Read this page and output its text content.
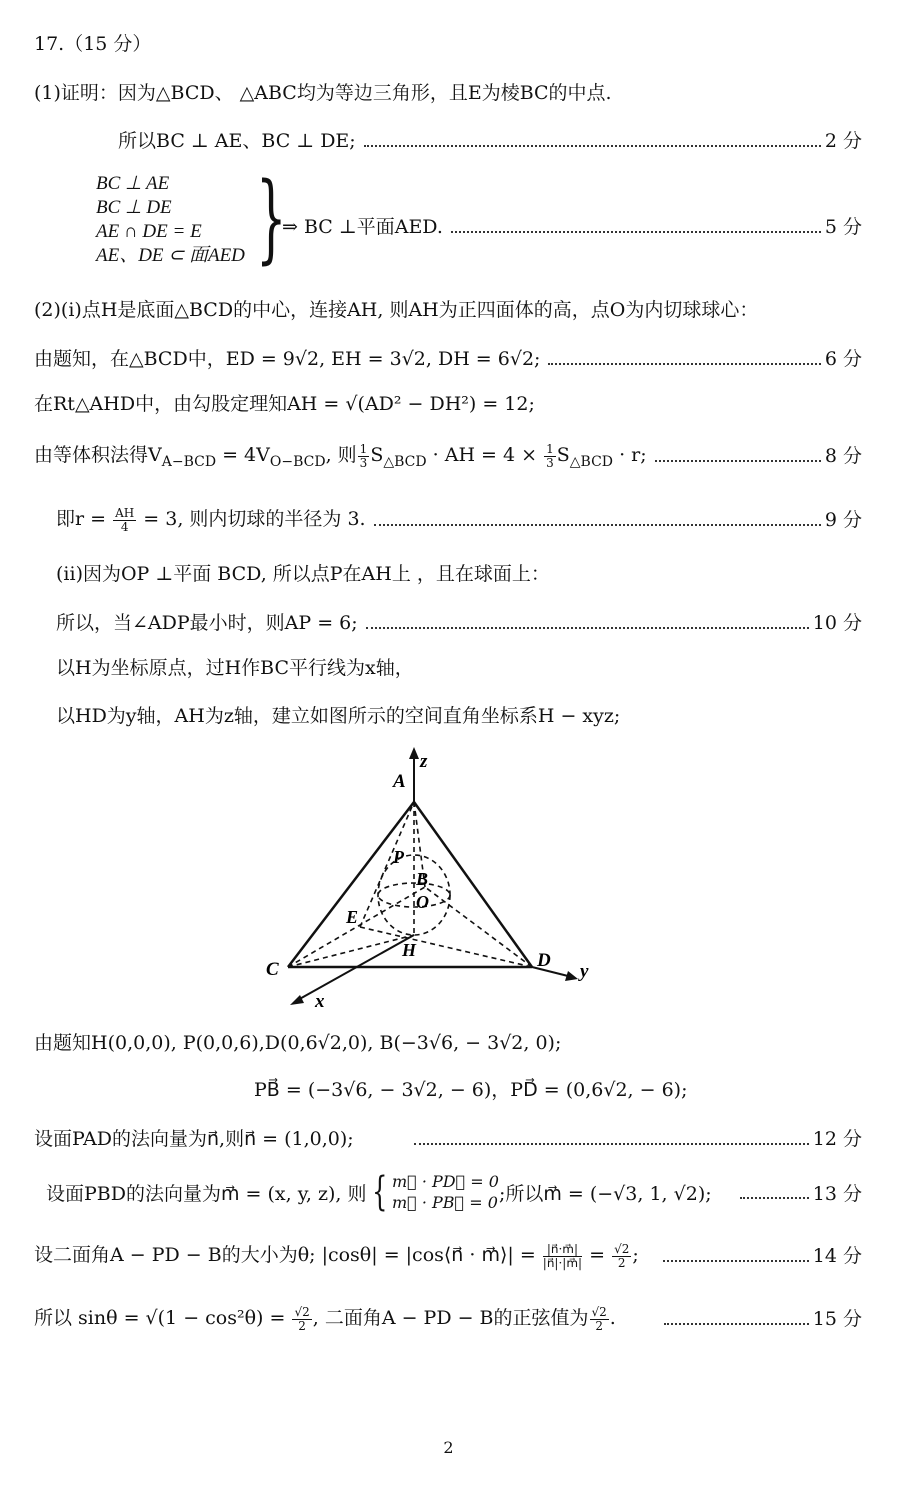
17.（15 分）
(1)证明：因为△BCD、 △ABC均为等边三角形，且E为棱BC的中点.
所以BC ⊥ AE、BC ⊥ DE;	2 分
BC ⊥ AE
BC ⊥ DE
AE ∩ DE = E
AE、DE ⊂ 面AED }
⇒ BC ⊥平面AED.	5 分
(2)(i)点H是底面△BCD的中心，连接AH, 则AH为正四面体的高，点O为内切球球心：
由题知，在△BCD中，ED = 9√2, EH = 3√2, DH = 6√2;	6 分
在Rt△AHD中，由勾股定理知AH = √(AD² − DH²) = 12;
由等体积法得$V_{A-BCD} = 4V_{O-BCD}$, 则 $\frac{1}{3} S_{\triangle BCD}$ · AH = $4 \times \frac{1}{3} S_{\triangle BCD} \cdot r$;	8 分
即$r = \frac{AH}{4} = 3$, 则内切球的半径为 3.	9 分
(ii)因为OP ⊥平面 BCD, 所以点P在AH上 ，且在球面上：
所以，当∠ADP最小时，则AP = 6;	10 分
以H为坐标原点，过H作BC平行线为x轴，
以HD为y轴，AH为z轴，建立如图所示的空间直角坐标系H − xyz;
A
z
P
B
O
E
H
C	D
y
x
由题知H(0,0,0), P(0,0,6),D(0,6√2,0), B(−3√6, − 3√2, 0);
PB⃗ = (−3√6, − 3√2, − 6)，PD⃗ = (0,6√2, − 6);
设面PAD的法向量为n⃗,则n⃗ = (1,0,0);	12 分
设面PBD的法向量为m⃗ = (x, y, z), 则 { m⃗ · PD⃗ = 0
m⃗ · PB⃗ = 0 ;所以m⃗ = (−√3, 1, √2);	13 分
设二面角A − PD − B的大小为θ; |cosθ| = |cos⟨n⃗ · m⃗⟩| = $\frac{|n⃗\cdot m⃗|}{|n⃗|\cdot|m⃗|} = \frac{√2}{2}$ ;	14 分
所以 $\sin\theta = √(1 - \cos^2\theta) = \frac{√2}{2}$ , 二面角A − PD − B的正弦值为 $\frac{√2}{2}$ .	15 分
2
